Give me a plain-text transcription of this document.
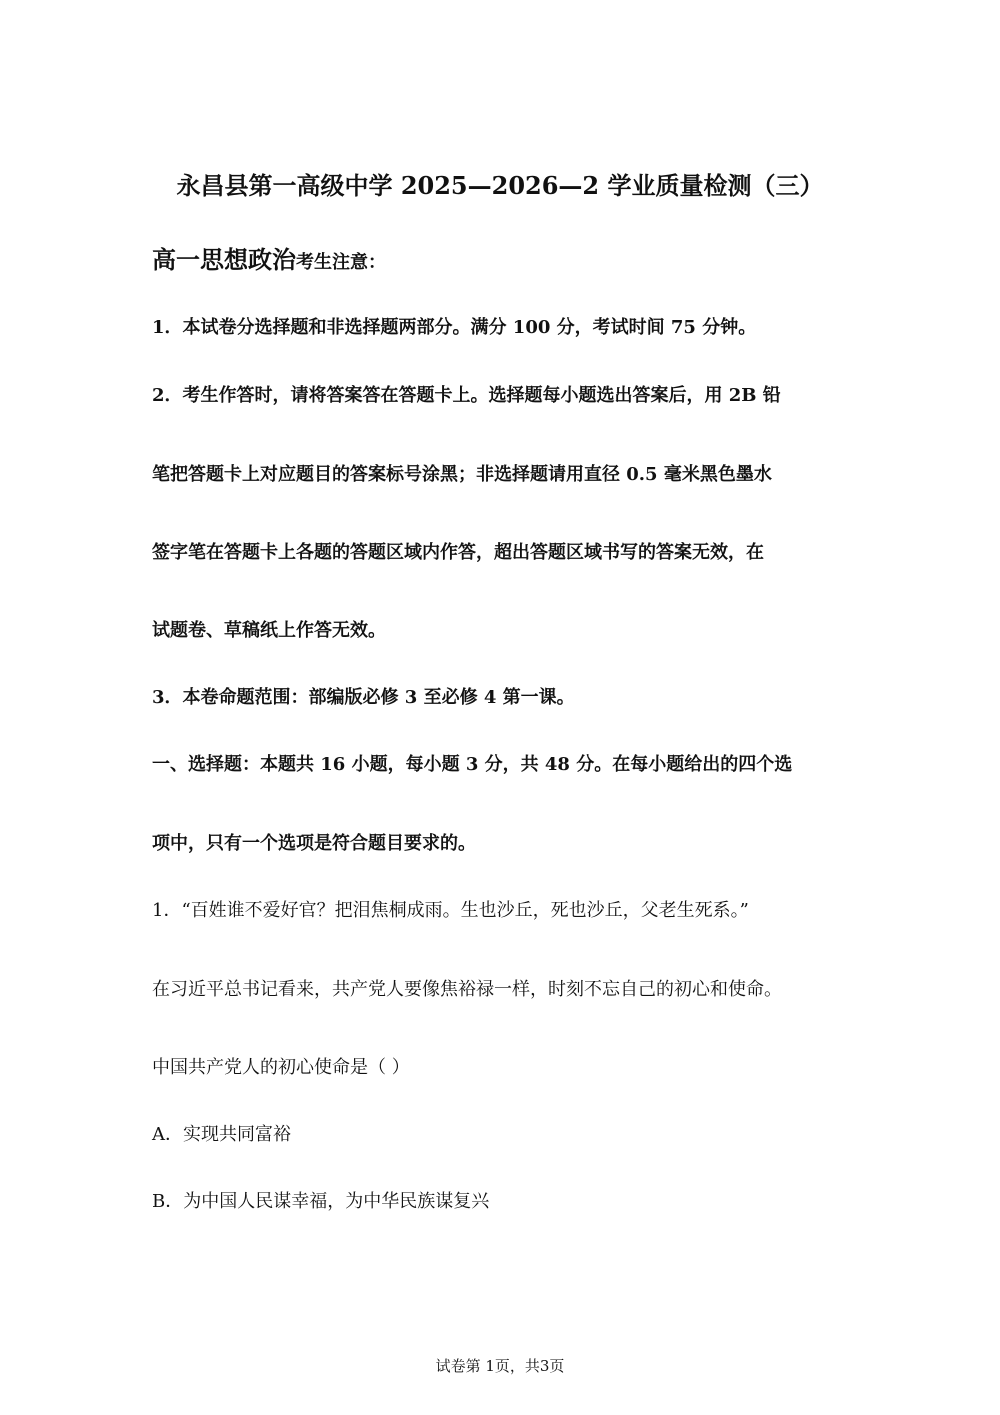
永昌县第一高级中学 2025—2026—2 学业质量检测（三）
高一思想政治考生注意：
1．本试卷分选择题和非选择题两部分。满分 100 分，考试时间 75 分钟。
2．考生作答时，请将答案答在答题卡上。选择题每小题选出答案后，用 2B 铅
笔把答题卡上对应题目的答案标号涂黑；非选择题请用直径 0.5 毫米黑色墨水
签字笔在答题卡上各题的答题区域内作答，超出答题区域书写的答案无效，在
试题卷、草稿纸上作答无效。
3．本卷命题范围：部编版必修 3 至必修 4 第一课。
一、选择题：本题共 16 小题，每小题 3 分，共 48 分。在每小题给出的四个选
项中，只有一个选项是符合题目要求的。
1．“百姓谁不爱好官？把泪焦桐成雨。生也沙丘，死也沙丘，父老生死系。”
在习近平总书记看来，共产党人要像焦裕禄一样，时刻不忘自己的初心和使命。
中国共产党人的初心使命是（ ）
A．实现共同富裕
B．为中国人民谋幸福，为中华民族谋复兴
试卷第 1页，共3页
